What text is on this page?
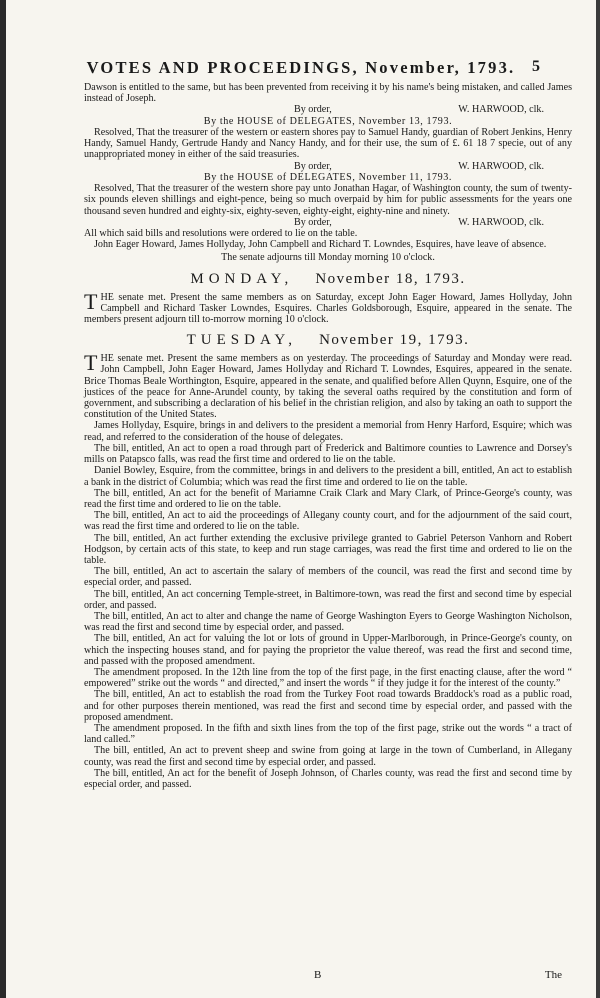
VOTES AND PROCEEDINGS, November, 1793.	5

Dawson is entitled to the same, but has been prevented from receiving it by his name's being mistaken, and called James instead of Joseph.

By order,	W. HARWOOD, clk.

By the HOUSE of DELEGATES, November 13, 1793.

Resolved, That the treasurer of the western or eastern shores pay to Samuel Handy, guardian of Robert Jenkins, Henry Handy, Samuel Handy, Gertrude Handy and Nancy Handy, and for their use, the sum of £. 61 18 7 specie, out of any unappropriated money in either of the said treasuries.

By order,	W. HARWOOD, clk.

By the HOUSE of DELEGATES, November 11, 1793.

Resolved, That the treasurer of the western shore pay unto Jonathan Hagar, of Washington county, the sum of twenty-six pounds eleven shillings and eight-pence, being so much overpaid by him for public assessments for the years one thousand seven hundred and eighty-six, eighty-seven, eighty-eight, eighty-nine and ninety.

By order,	W. HARWOOD, clk.

All which said bills and resolutions were ordered to lie on the table.

John Eager Howard, James Hollyday, John Campbell and Richard T. Lowndes, Esquires, have leave of absence.

The senate adjourns till Monday morning 10 o'clock.

MONDAY, November 18, 1793.

THE senate met. Present the same members as on Saturday, except John Eager Howard, James Hollyday, John Campbell and Richard Tasker Lowndes, Esquires. Charles Goldsborough, Esquire, appeared in the senate. The members present adjourn till to-morrow morning 10 o'clock.

TUESDAY, November 19, 1793.

THE senate met. Present the same members as on yesterday. The proceedings of Saturday and Monday were read. John Campbell, John Eager Howard, James Hollyday and Richard T. Lowndes, Esquires, appeared in the senate. Brice Thomas Beale Worthington, Esquire, appeared in the senate, and qualified before Allen Quynn, Esquire, one of the justices of the peace for Anne-Arundel county, by taking the several oaths required by the constitution and form of government, and subscribing a declaration of his belief in the christian religion, and also by taking an oath to support the constitution of the United States.

James Hollyday, Esquire, brings in and delivers to the president a memorial from Henry Harford, Esquire; which was read, and referred to the consideration of the house of delegates.

The bill, entitled, An act to open a road through part of Frederick and Baltimore counties to Lawrence and Dorsey's mills on Patapsco falls, was read the first time and ordered to lie on the table.

Daniel Bowley, Esquire, from the committee, brings in and delivers to the president a bill, entitled, An act to establish a bank in the district of Columbia; which was read the first time and ordered to lie on the table.

The bill, entitled, An act for the benefit of Mariamne Craik Clark and Mary Clark, of Prince-George's county, was read the first time and ordered to lie on the table.

The bill, entitled, An act to aid the proceedings of Allegany county court, and for the adjournment of the said court, was read the first time and ordered to lie on the table.

The bill, entitled, An act further extending the exclusive privilege granted to Gabriel Peterson Vanhorn and Robert Hodgson, by certain acts of this state, to keep and run stage carriages, was read the first time and ordered to lie on the table.

The bill, entitled, An act to ascertain the salary of members of the council, was read the first and second time by especial order, and passed.

The bill, entitled, An act concerning Temple-street, in Baltimore-town, was read the first and second time by especial order, and passed.

The bill, entitled, An act to alter and change the name of George Washington Eyers to George Washington Nicholson, was read the first and second time by especial order, and passed.

The bill, entitled, An act for valuing the lot or lots of ground in Upper-Marlborough, in Prince-George's county, on which the inspecting houses stand, and for paying the proprietor the value thereof, was read the first and second time, and passed with the proposed amendment.

The amendment proposed. In the 12th line from the top of the first page, in the first enacting clause, after the word “ empowered” strike out the words “ and directed,” and insert the words “ if they judge it for the interest of the county.”

The bill, entitled, An act to establish the road from the Turkey Foot road towards Braddock's road as a public road, and for other purposes therein mentioned, was read the first and second time by especial order, and passed with the proposed amendment.

The amendment proposed. In the fifth and sixth lines from the top of the first page, strike out the words “ a tract of land called.”

The bill, entitled, An act to prevent sheep and swine from going at large in the town of Cumberland, in Allegany county, was read the first and second time by especial order, and passed.

The bill, entitled, An act for the benefit of Joseph Johnson, of Charles county, was read the first and second time by especial order, and passed.

B	The
